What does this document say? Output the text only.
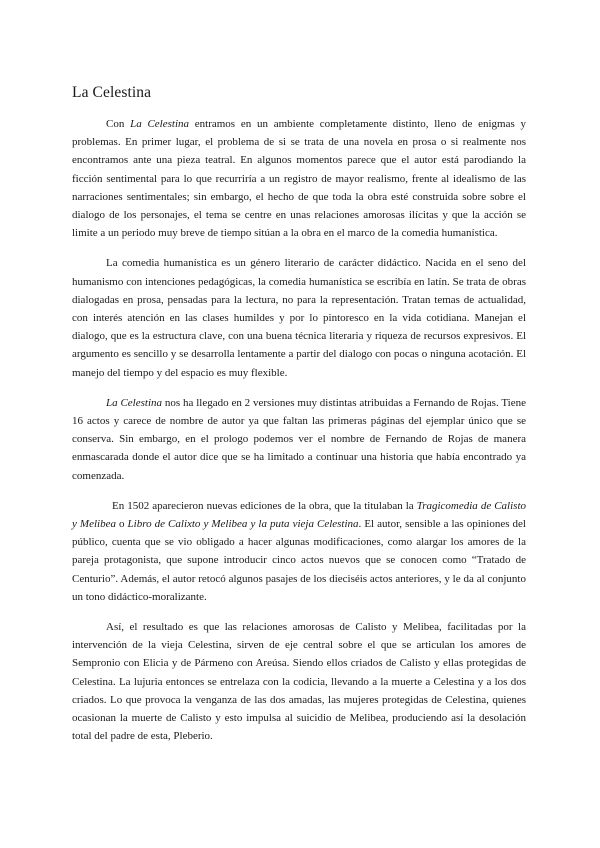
La Celestina

Con La Celestina entramos en un ambiente completamente distinto, lleno de enigmas y problemas. En primer lugar, el problema de si se trata de una novela en prosa o si realmente nos encontramos ante una pieza teatral. En algunos momentos parece que el autor está parodiando la ficción sentimental para lo que recurriría a un registro de mayor realismo, frente al idealismo de las narraciones sentimentales; sin embargo, el hecho de que toda la obra esté construida sobre sobre el dialogo de los personajes, el tema se centre en unas relaciones amorosas ilícitas y que la acción se limite a un periodo muy breve de tiempo sitúan a la obra en el marco de la comedia humanística.

La comedia humanística es un género literario de carácter didáctico. Nacida en el seno del humanismo con intenciones pedagógicas, la comedia humanística se escribía en latín. Se trata de obras dialogadas en prosa, pensadas para la lectura, no para la representación. Tratan temas de actualidad, con interés atención en las clases humildes y por lo pintoresco en la vida cotidiana. Manejan el dialogo, que es la estructura clave, con una buena técnica literaria y riqueza de recursos expresivos. El argumento es sencillo y se desarrolla lentamente a partir del dialogo con pocas o ninguna acotación. El manejo del tiempo y del espacio es muy flexible.

La Celestina nos ha llegado en 2 versiones muy distintas atribuidas a Fernando de Rojas. Tiene 16 actos y carece de nombre de autor ya que faltan las primeras páginas del ejemplar único que se conserva. Sin embargo, en el prologo podemos ver el nombre de Fernando de Rojas de manera enmascarada donde el autor dice que se ha limitado a continuar una historia que había encontrado ya comenzada.

En 1502 aparecieron nuevas ediciones de la obra, que la titulaban la Tragicomedia de Calisto y Melibea o Libro de Calixto y Melibea y la puta vieja Celestina. El autor, sensible a las opiniones del público, cuenta que se vio obligado a hacer algunas modificaciones, como alargar los amores de la pareja protagonista, que supone introducir cinco actos nuevos que se conocen como “Tratado de Centurio”. Además, el autor retocó algunos pasajes de los dieciséis actos anteriores, y le da al conjunto un tono didáctico-moralizante.

Así, el resultado es que las relaciones amorosas de Calisto y Melibea, facilitadas por la intervención de la vieja Celestina, sirven de eje central sobre el que se articulan los amores de Sempronio con Elicia y de Pármeno con Areúsa. Siendo ellos criados de Calisto y ellas protegidas de Celestina. La lujuria entonces se entrelaza con la codicia, llevando a la muerte a Celestina y a los dos criados. Lo que provoca la venganza de las dos amadas, las mujeres protegidas de Celestina, quienes ocasionan la muerte de Calisto y esto impulsa al suicidio de Melibea, produciendo así la desolación total del padre de esta, Pleberio.
